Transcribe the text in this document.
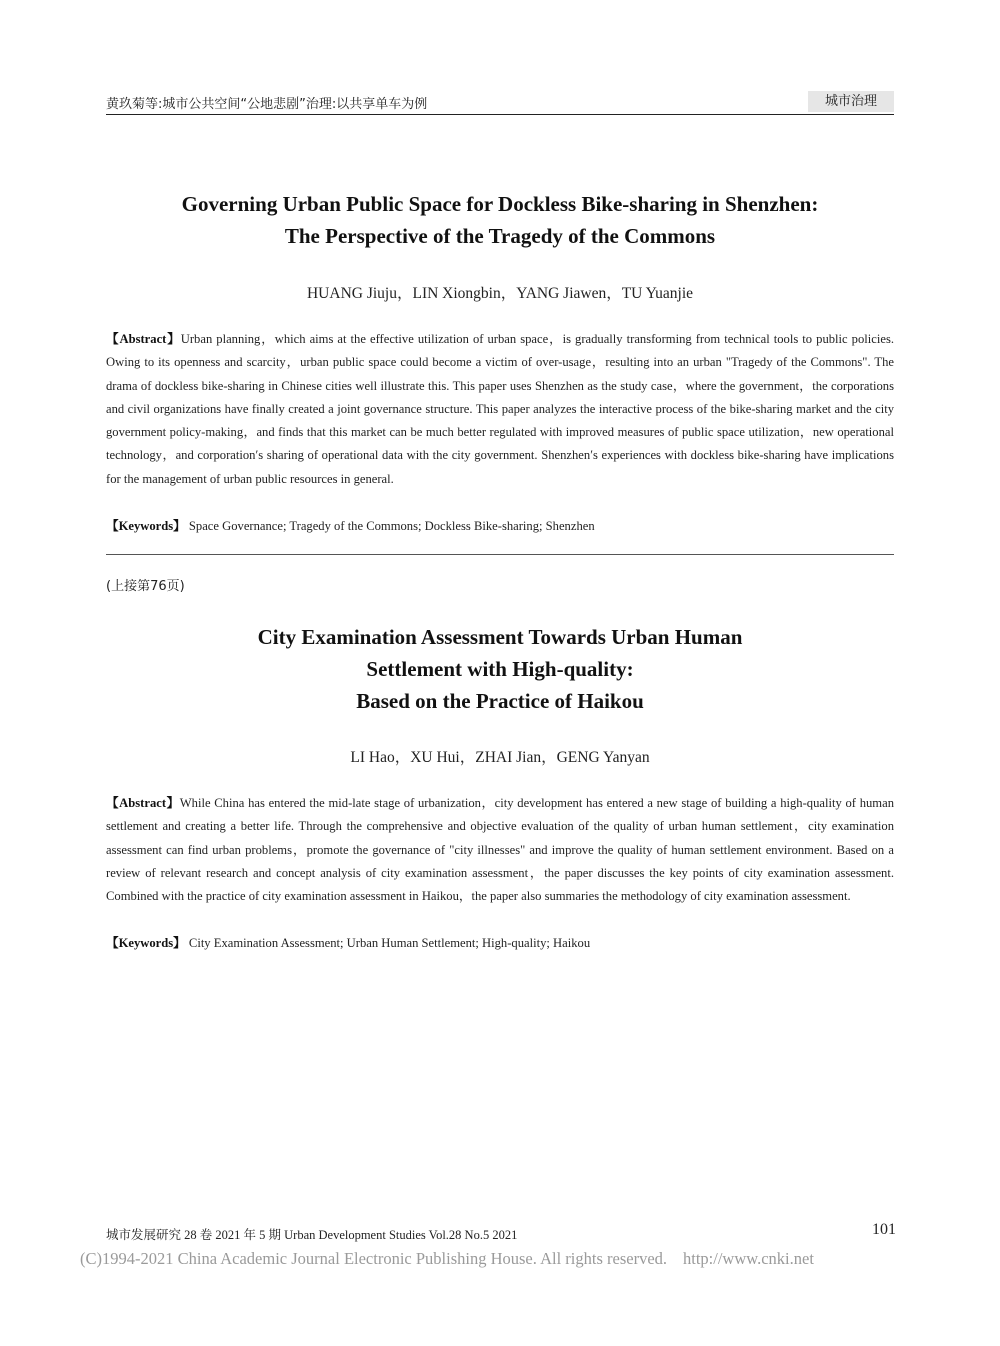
黄玖菊等:城市公共空间“公地悲剧”治理:以共享单车为例	城市治理
Governing Urban Public Space for Dockless Bike-sharing in Shenzhen:
The Perspective of the Tragedy of the Commons
HUANG Jiuju，LIN Xiongbin，YANG Jiawen，TU Yuanjie
【Abstract】Urban planning，which aims at the effective utilization of urban space，is gradually transforming from technical tools to public policies. Owing to its openness and scarcity，urban public space could become a victim of over-usage，resulting into an urban "Tragedy of the Commons". The drama of dockless bike-sharing in Chinese cities well illustrate this. This paper uses Shenzhen as the study case，where the government，the corporations and civil organizations have finally created a joint governance structure. This paper analyzes the interactive process of the bike-sharing market and the city government policy-making，and finds that this market can be much better regulated with improved measures of public space utilization，new operational technology，and corporation′s sharing of operational data with the city government. Shenzhen′s experiences with dockless bike-sharing have implications for the management of urban public resources in general.
【Keywords】 Space Governance; Tragedy of the Commons; Dockless Bike-sharing; Shenzhen
(上接第76页)
City Examination Assessment Towards Urban Human
Settlement with High-quality:
Based on the Practice of Haikou
LI Hao，XU Hui，ZHAI Jian，GENG Yanyan
【Abstract】While China has entered the mid-late stage of urbanization，city development has entered a new stage of building a high-quality of human settlement and creating a better life. Through the comprehensive and objective evaluation of the quality of urban human settlement，city examination assessment can find urban problems，promote the governance of "city illnesses" and improve the quality of human settlement environment. Based on a review of relevant research and concept analysis of city examination assessment，the paper discusses the key points of city examination assessment. Combined with the practice of city examination assessment in Haikou，the paper also summaries the methodology of city examination assessment.
【Keywords】 City Examination Assessment; Urban Human Settlement; High-quality; Haikou
城市发展研究 28 卷 2021 年 5 期 Urban Development Studies Vol.28 No.5 2021	101
(C)1994-2021 China Academic Journal Electronic Publishing House. All rights reserved. http://www.cnki.net
